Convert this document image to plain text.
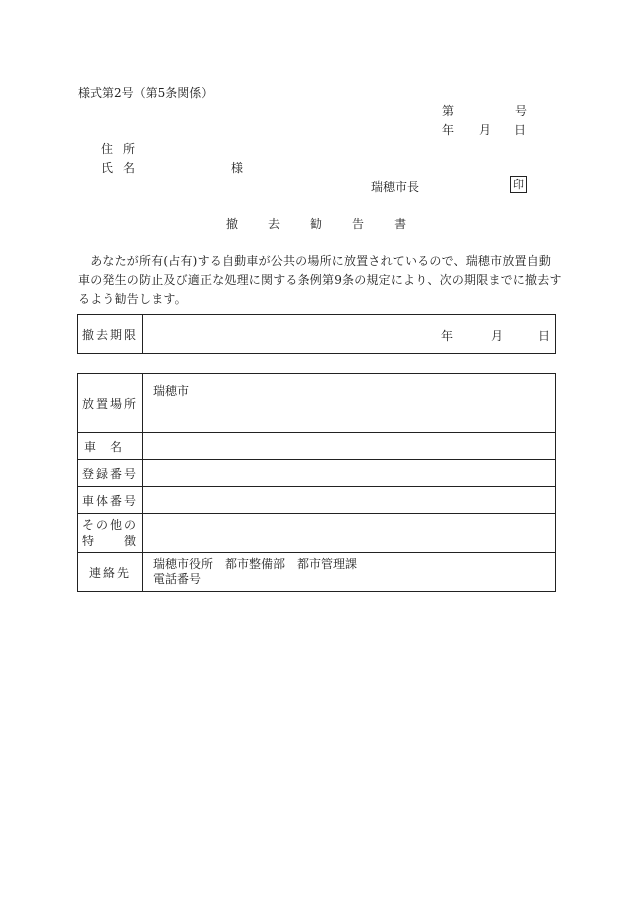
様式第2号（第5条関係）
第	号
年 月 日
住所
氏名	様
瑞穂市長	印
撤	去	勧	告	書

　あなたが所有(占有)する自動車が公共の場所に放置されているので、瑞穂市放置自動

車の発生の防止及び適正な処理に関する条例第9条の規定により、次の期限までに撤去す

るよう勧告します。

撤去期限	年	月	日
放置場所	瑞穂市
車名	
登録番号	
車体番号	

その他の
特　　徴	

連絡先	瑞穂市役所　都市整備部　都市管理課
電話番号
